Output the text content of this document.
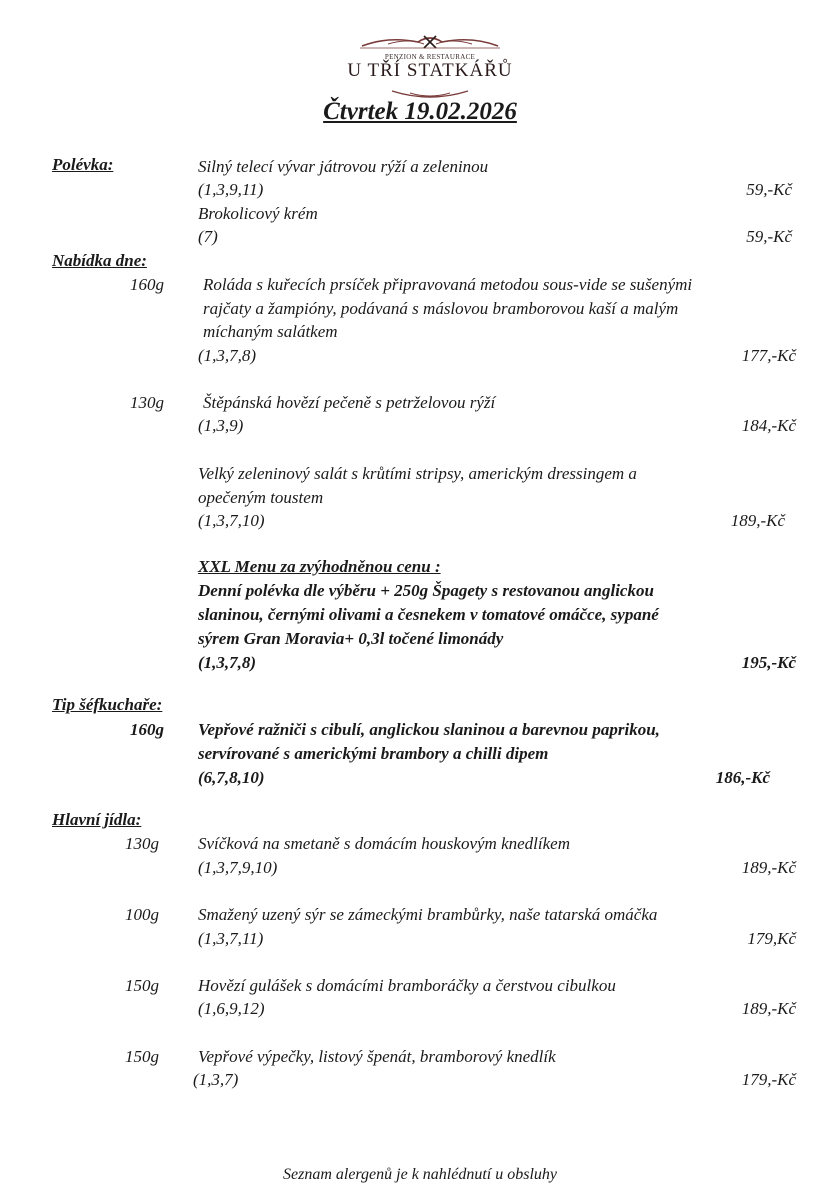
PENZION & RESTAURACE
U TŘÍ STATKÁŘŮ
Čtvrtek 19.02.2026
Polévka:	Silný telecí vývar játrovou rýží a zeleninou
(1,3,9,11)	59,-Kč
Brokolicový krém
(7)	59,-Kč
Nabídka dne:
160g Roláda s kuřecích prsíček připravovaná metodou sous-vide se sušenými
rajčaty a žampióny, podávaná s máslovou bramborovou kaší a malým
míchaným salátkem
(1,3,7,8)	177,-Kč
130g Štěpánská hovězí pečeně s petrželovou rýží
(1,3,9)	184,-Kč
Velký zeleninový salát s krůtími stripsy, americkým dressingem a
opečeným toustem
(1,3,7,10)	189,-Kč
XXL Menu za zvýhodněnou cenu :
Denní polévka dle výběru + 250g Špagety s restovanou anglickou
slaninou, černými olivami a česnekem v tomatové omáčce, sypané
sýrem Gran Moravia+ 0,3l točené limonády
(1,3,7,8)	195,-Kč
Tip šéfkuchaře:
160g Vepřové ražniči s cibulí, anglickou slaninou a barevnou paprikou,
servírované s americkými brambory a chilli dipem
(6,7,8,10)	186,-Kč
Hlavní jídla:
130g Svíčková na smetaně s domácím houskovým knedlíkem
(1,3,7,9,10)	189,-Kč
100g Smažený uzený sýr se zámeckými brambůrky, naše tatarská omáčka
(1,3,7,11)	179,Kč
150g Hovězí gulášek s domácími bramboráčky a čerstvou cibulkou
(1,6,9,12)	189,-Kč
150g Vepřové výpečky, listový špenát, bramborový knedlík
(1,3,7)	179,-Kč
Seznam alergenů je k nahlédnutí u obsluhy
